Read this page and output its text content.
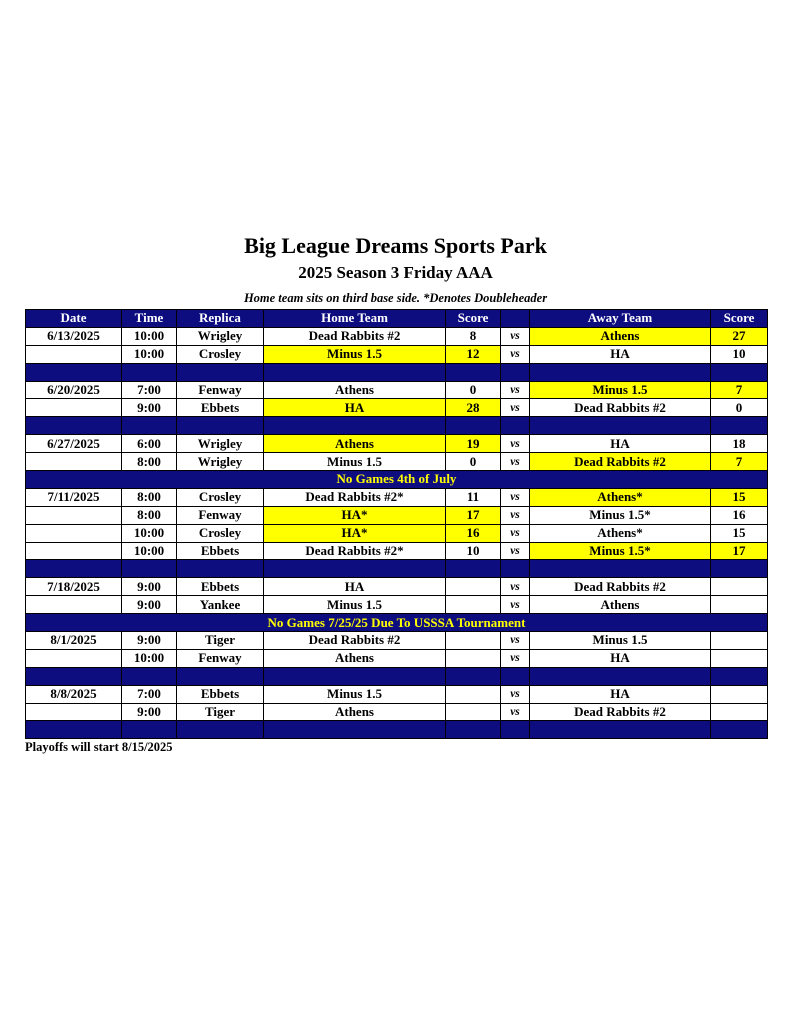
Big League Dreams Sports Park
2025 Season 3 Friday AAA
Home team sits on third base side. *Denotes Doubleheader
Date	Time	Replica	Home Team	Score		Away Team	Score
6/13/2025	10:00	Wrigley	Dead Rabbits #2	8	vs	Athens	27
	10:00	Crosley	Minus 1.5	12	vs	HA	10

6/20/2025	7:00	Fenway	Athens	0	vs	Minus 1.5	7
	9:00	Ebbets	HA	28	vs	Dead Rabbits #2	0

6/27/2025	6:00	Wrigley	Athens	19	vs	HA	18
	8:00	Wrigley	Minus 1.5	0	vs	Dead Rabbits #2	7
No Games 4th of July							
7/11/2025	8:00	Crosley	Dead Rabbits #2*	11	vs	Athens*	15
	8:00	Fenway	HA*	17	vs	Minus 1.5*	16
	10:00	Crosley	HA*	16	vs	Athens*	15
	10:00	Ebbets	Dead Rabbits #2*	10	vs	Minus 1.5*	17

7/18/2025	9:00	Ebbets	HA		vs	Dead Rabbits #2	
	9:00	Yankee	Minus 1.5		vs	Athens	
No Games 7/25/25 Due To USSSA Tournament							
8/1/2025	9:00	Tiger	Dead Rabbits #2		vs	Minus 1.5	
	10:00	Fenway	Athens		vs	HA	

8/8/2025	7:00	Ebbets	Minus 1.5		vs	HA	
	9:00	Tiger	Athens		vs	Dead Rabbits #2	

Playoffs will start 8/15/2025
